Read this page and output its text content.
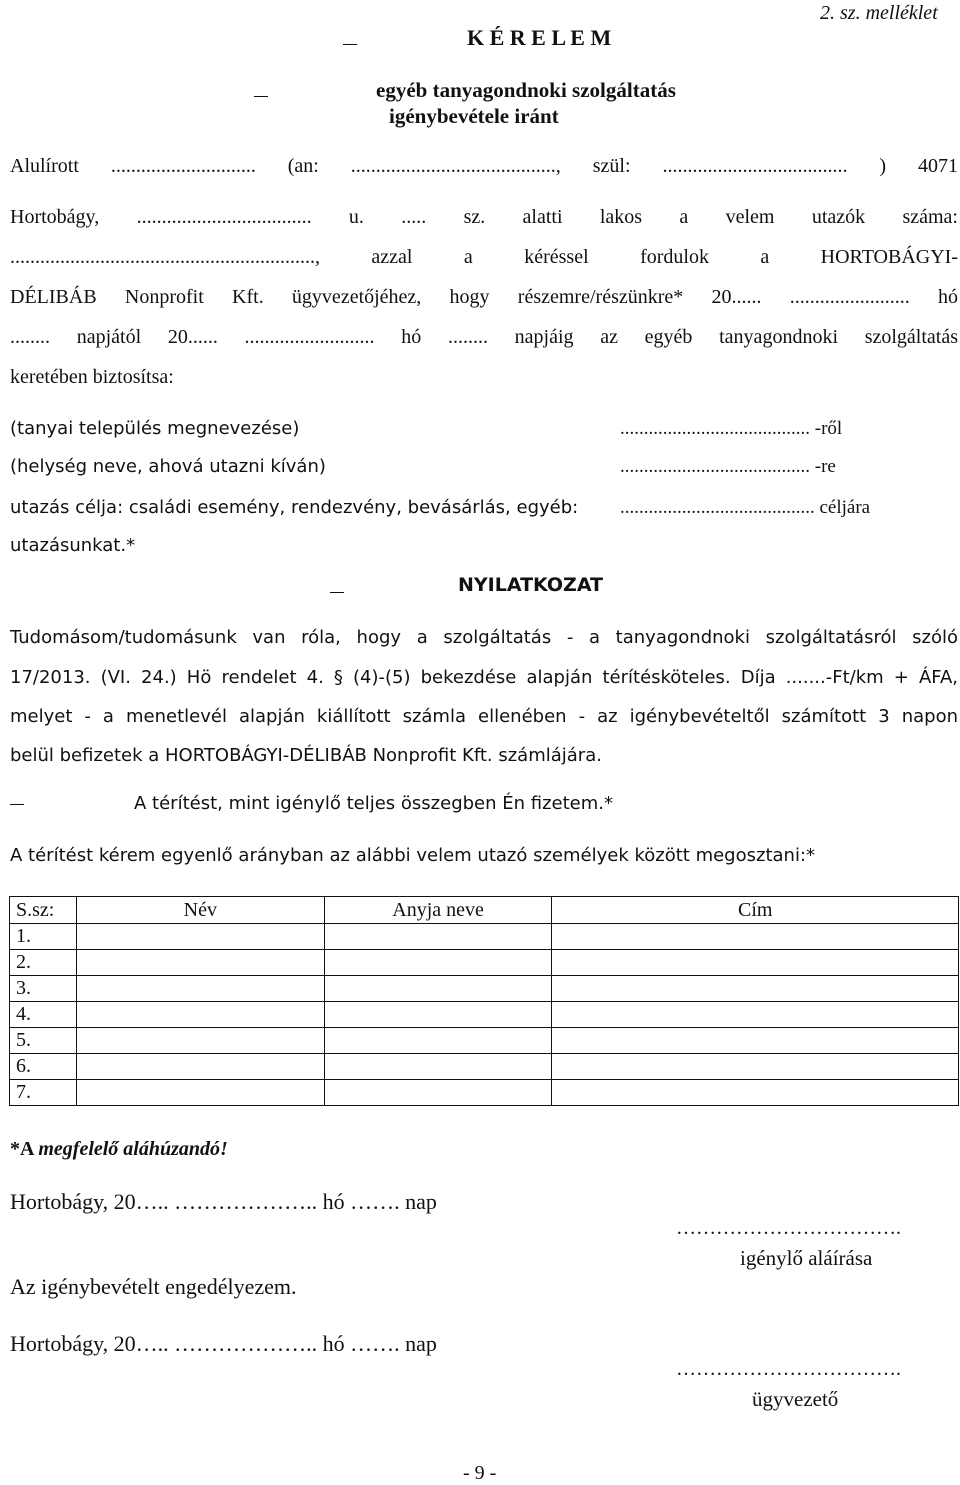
2. sz. melléklet
K É R E L E M
egyéb tanyagondnoki szolgáltatás
igénybevétele iránt
Alulírott ............................. (an: ........................................., szül: ..................................... ) 4071
Hortobágy, ................................... u. ..... sz. alatti lakos a velem utazók száma:
............................................................., azzal a kéréssel fordulok a HORTOBÁGYI-
DÉLIBÁB Nonprofit Kft. ügyvezetőjéhez, hogy részemre/részünkre* 20...... ........................ hó
........ napjától 20...... .......................... hó ........ napjáig az egyéb tanyagondnoki szolgáltatás
keretében biztosítsa:
(tanyai település megnevezése)	........................................ -ről
(helység neve, ahová utazni kíván)	........................................ -re
utazás célja: családi esemény, rendezvény, bevásárlás, egyéb: ......................................... céljára
utazásunkat.*
NYILATKOZAT
Tudomásom/tudomásunk van róla, hogy a szolgáltatás - a tanyagondnoki szolgáltatásról szóló
17/2013. (VI. 24.) Hö rendelet 4. § (4)-(5) bekezdése alapján térítésköteles. Díja .......-Ft/km + ÁFA,
melyet - a menetlevél alapján kiállított számla ellenében - az igénybevételtől számított 3 napon
belül befizetek a HORTOBÁGYI-DÉLIBÁB Nonprofit Kft. számlájára.
A térítést, mint igénylő teljes összegben Én fizetem.*
A térítést kérem egyenlő arányban az alábbi velem utazó személyek között megosztani:*
S.sz:	Név	Anyja neve	Cím
1.			
2.			
3.			
4.			
5.			
6.			
7.			
*A megfelelő aláhúzandó!
Hortobágy, 20….. ……………….. hó ……. nap
…………………………….
igénylő aláírása
Az igénybevételt engedélyezem.
Hortobágy, 20….. ……………….. hó ……. nap
…………………………….
ügyvezető
- 9 -
